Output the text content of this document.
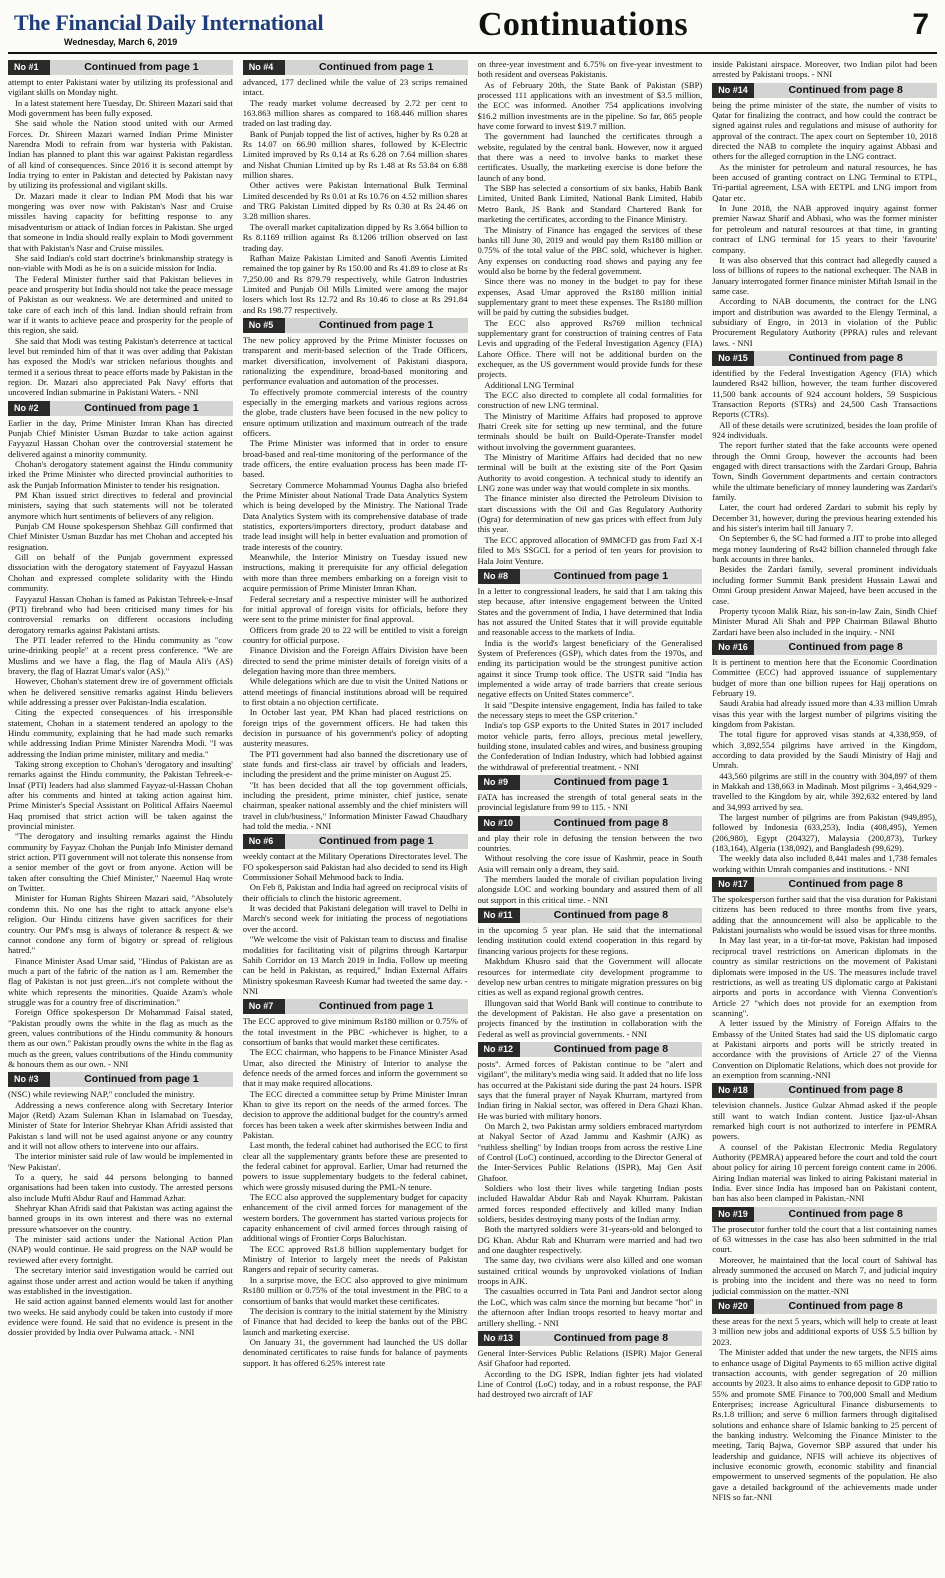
The Financial Daily International
Wednesday, March 6, 2019	Continuations	7
No #1	Continued from page 1

attempt to enter Pakistani water by utilizing its professional and vigilant skills on Monday night.

In a latest statement here Tuesday, Dr. Shireen Mazari said that Modi government has been fully exposed.

She said whole the Nation stood united with our Armed Forces. Dr. Shireen Mazari warned Indian Prime Minister Narendra Modi to refrain from war hysteria with Pakistan. Indian has planned to plant this war against Pakistan regardless of all kind of consequences. Since 2016 it is second attempt by India trying to enter in Pakistan and detected by Pakistan navy by utilizing its professional and vigilant skills.

Dr. Mazari made it clear to Indian PM Modi that his war mongering was over now with Pakistan's Nasr and Cruise missiles having capacity for befitting response to any misadventurism or attack of Indian forces in Pakistan. She urged that someone in India should really explain to Modi government that with Pakistan's Nasr and Cruise missiles.

She said Indian's cold start doctrine's brinkmanship strategy is non-viable with Modi as he is on a suicide mission for India.

The Federal Minister further said that Pakistan believes in peace and prosperity but India should not take the peace message of Pakistan as our weakness. We are determined and united to take care of each inch of this land. Indian should refrain from war if it wants to achieve peace and prosperity for the people of this region, she said.

She said that Modi was testing Pakistan's deterrence at tactical level but reminded him of that it was over adding that Pakistan has exposed the Modi's war stricken nefarious thoughts and termed it a serious threat to peace efforts made by Pakistan in the region. Dr. Mazari also appreciated Pak Navy' efforts that uncovered Indian submarine in Pakistani Waters. - NNI

No #2	Continued from page 1

Earlier in the day, Prime Minister Imran Khan has directed Punjab Chief Minister Usman Buzdar to take action against Fayyazul Hassan Chohan over the controversial statement he delivered against a minority community.

Chohan's derogatory statement against the Hindu community irked the Prime Minister who directed provincial authorities to ask the Punjab Information Minister to tender his resignation.

PM Khan issued strict directives to federal and provincial ministers, saying that such statements will not be tolerated anymore which hurt sentiments of believers of any religion.

Punjab CM House spokesperson Shehbaz Gill confirmed that Chief Minister Usman Buzdar has met Chohan and accepted his resignation.

Gill on behalf of the Punjab government expressed dissociation with the derogatory statement of Fayyazul Hassan Chohan and expressed complete solidarity with the Hindu community.

Fayyazul Hassan Chohan is famed as Pakistan Tehreek-e-Insaf (PTI) firebrand who had been criticised many times for his controversial remarks on different occasions including derogatory remarks against Pakistani artists.

The PTI leader referred to the Hindu community as "cow urine-drinking people" at a recent press conference. "We are Muslims and we have a flag, the flag of Maula Ali's (AS) bravery, the flag of Hazrat Umar's valor (AS)."

However, Chohan's statement drew ire of government officials when he delivered sensitive remarks against Hindu believers while addressing a presser over Pakistan-India escalation.

Citing the expected consequences of his irresponsible statement, Chohan in a statement tendered an apology to the Hindu community, explaining that he had made such remarks while addressing Indian Prime Minister Narendra Modi. "I was addressing the Indian prime minister, military and media."

Taking strong exception to Chohan's 'derogatory and insulting' remarks against the Hindu community, the Pakistan Tehreek-e-Insaf (PTI) leaders had also slammed Fayyaz-ul-Hassan Chohan after his comments and hinted at taking action against him. Prime Minister's Special Assistant on Political Affairs Naeemul Haq promised that strict action will be taken against the provincial minister.

"The derogatory and insulting remarks against the Hindu community by Fayyaz Chohan the Punjab Info Minister demand strict action. PTI government will not tolerate this nonsense from a senior member of the govt or from anyone. Action will be taken after consulting the Chief Minister," Naeemul Haq wrote on Twitter.

Minister for Human Rights Shireen Mazari said, "Absolutely condemn this. No one has the right to attack anyone else's religion. Our Hindu citizens have given sacrifices for their country. Our PM's msg is always of tolerance & respect & we cannot condone any form of bigotry or spread of religious hatred."

Finance Minister Asad Umar said, "Hindus of Pakistan are as much a part of the fabric of the nation as I am. Remember the flag of Pakistan is not just green...it's not complete without the white which represents the minorities. Quaide Azam's whole struggle was for a country free of discrimination."

Foreign Office spokesperson Dr Mohammad Faisal stated, "Pakistan proudly owns the white in the flag as much as the green, values contributions of the Hindu community & honours them as our own." Pakistan proudly owns the white in the flag as much as the green, values contributions of the Hindu community & honours them as our own. - NNI

No #3	Continued from page 1

(NSC) while reviewing NAP," concluded the ministry.

Addressing a news conference along with Secretary Interior Major (Retd) Azam Suleman Khan in Islamabad on Tuesday, Minister of State for Interior Shehryar Khan Afridi assisted that Pakistan s land will not be used against anyone or any country and it will not allow others to intervene into our affairs.

The interior minister said rule of law would be implemented in 'New Pakistan'.

To a query, he said 44 persons belonging to banned organisations had been taken into custody. The arrested persons also include Mufti Abdur Rauf and Hammad Azhar.

Shehryar Khan Afridi said that Pakistan was acting against the banned groups in its own interest and there was no external pressure whatsoever on the country.

The minister said actions under the National Action Plan (NAP) would continue. He said progress on the NAP would be reviewed after every fortnight.

The secretary interior said investigation would be carried out against those under arrest and action would be taken if anything was established in the investigation.

He said action against banned elements would last for another two weeks. He said anybody could be taken into custody if more evidence were found. He said that no evidence is present in the dossier provided by India over Pulwama attack. - NNI

No #4	Continued from page 1

advanced, 177 declined while the value of 23 scrips remained intact.

The ready market volume decreased by 2.72 per cent to 163.863 million shares as compared to 168.446 million shares traded on last trading day.

Bank of Punjab topped the list of actives, higher by Rs 0.28 at Rs 14.07 on 66.90 million shares, followed by K-Electric Limited improved by Rs 0.14 at Rs 6.28 on 7.64 million shares and Nishat Chunian Limited up by Rs 1.48 at Rs 53.84 on 6.88 million shares.

Other actives were Pakistan International Bulk Terminal Limited descended by Rs 0.01 at Rs 10.76 on 4.52 million shares and TRG Pakistan Limited dipped by Rs 0.30 at Rs 24.46 on 3.28 million shares.

The overall market capitalization dipped by Rs 3.664 billion to Rs 8.1169 trillion against Rs 8.1206 trillion observed on last trading day.

Rafhan Maize Pakistan Limited and Sanofi Aventis Limited remained the top gainer by Rs 150.00 and Rs 41.89 to close at Rs 7,250.00 and Rs 879.79 respectively, while Gatron Industries Limited and Punjab Oil Mills Limited were among the major losers which lost Rs 12.72 and Rs 10.46 to close at Rs 291.84 and Rs 198.77 respectively.

No #5	Continued from page 1

The new policy approved by the Prime Minister focusses on transparent and merit-based selection of the Trade Officers, market diversification, involvement of Pakistani diaspora, rationalizing the expenditure, broad-based monitoring and performance evaluation and automation of the processes.

To effectively promote commercial interests of the country especially in the emerging markets and various regions across the globe, trade clusters have been focused in the new policy to ensure optimum utilization and maximum outreach of the trade officers.

The Prime Minister was informed that in order to ensure broad-based and real-time monitoring of the performance of the trade officers, the entire evaluation process has been made IT-based.

Secretary Commerce Mohammad Younus Dagha also briefed the Prime Minister about National Trade Data Analytics System which is being developed by the Ministry. The National Trade Data Analytics System with its comprehensive database of trade statistics, exporters/importers directory, product database and trade lead insight will help in better evaluation and promotion of trade interests of the country.

Meanwhile, the Interior Ministry on Tuesday issued new instructions, making it prerequisite for any official delegation with more than three members embarking on a foreign visit to acquire permission of Prime Minister Imran Khan.

Federal secretary and a respective minister will be authorized for initial approval of foreign visits for officials, before they were sent to the prime minister for final approval.

Officers from grade 20 to 22 will be entitled to visit a foreign country for official purpose.

Finance Division and the Foreign Affairs Division have been directed to send the prime minister details of foreign visits of a delegation having more than three members.

While delegations which are due to visit the United Nations or attend meetings of financial institutions abroad will be required to first obtain a no objection certificate.

In October last year, PM Khan had placed restrictions on foreign trips of the government officers. He had taken this decision in pursuance of his government's policy of adopting austerity measures.

The PTI government had also banned the discretionary use of state funds and first-class air travel by officials and leaders, including the president and the prime minister on August 25.

"It has been decided that all the top government officials, including the president, prime minister, chief justice, senate chairman, speaker national assembly and the chief ministers will travel in club/business," Information Minister Fawad Chaudhary had told the media. - NNI

No #6	Continued from page 1

weekly contact at the Military Operations Directorates level. The FO spokesperson said Pakistan had also decided to send its High Commissioner Sohail Mehmood back to India.

On Feb 8, Pakistan and India had agreed on reciprocal visits of their officials to clinch the historic agreement.

It was decided that Pakistani delegation will travel to Delhi in March's second week for initiating the process of negotiations over the accord.

"We welcome the visit of Pakistan team to discuss and finalise modalities for facilitating visit of pilgrims through Kartarpur Sahib Corridor on 13 March 2019 in India. Follow up meeting can be held in Pakistan, as required," Indian External Affairs Ministry spokesman Raveesh Kumar had tweeted the same day. - NNI

No #7	Continued from page 1

The ECC approved to give minimum Rs180 million or 0.75% of the total investment in the PBC -whichever is higher, to a consortium of banks that would market these certificates.

The ECC chairman, who happens to be Finance Minister Asad Umar, also directed the Ministry of Interior to analyse the defence needs of the armed forces and inform the government so that it may make required allocations.

The ECC directed a committee setup by Prime Minister Imran Khan to give its report on the needs of the armed forces. The decision to approve the additional budget for the country's armed forces has been taken a week after skirmishes between India and Pakistan.

Last month, the federal cabinet had authorised the ECC to first clear all the supplementary grants before these are presented to the federal cabinet for approval. Earlier, Umar had returned the powers to issue supplementary budgets to the federal cabinet, which were grossly misused during the PML-N tenure.

The ECC also approved the supplementary budget for capacity enhancement of the civil armed forces for management of the western borders. The government has started various projects for capacity enhancement of civil armed forces through raising of additional wings of Frontier Corps Baluchistan.

The ECC approved Rs1.8 billion supplementary budget for Ministry of Interior to largely meet the needs of Pakistan Rangers and repair of security cameras.

In a surprise move, the ECC also approved to give minimum Rs180 million or 0.75% of the total investment in the PBC to a consortium of banks that would market these certificates.

The decision is contrary to the initial statement by the Ministry of Finance that had decided to keep the banks out of the PBC launch and marketing exercise.

On January 31, the government had launched the US dollar denominated certificates to raise funds for balance of payments support. It has offered 6.25% interest rate

on three-year investment and 6.75% on five-year investment to both resident and overseas Pakistanis.

As of February 20th, the State Bank of Pakistan (SBP) processed 111 applications with an investment of $3.5 million, the ECC was informed. Another 754 applications involving $16.2 million investments are in the pipeline. So far, 865 people have come forward to invest $19.7 million.

The government had launched the certificates through a website, regulated by the central bank. However, now it argued that there was a need to involve banks to market these certificates. Usually, the marketing exercise is done before the launch of any bond.

The SBP has selected a consortium of six banks, Habib Bank Limited, United Bank Limited, National Bank Limited, Habib Metro Bank, JS Bank and Standard Chartered Bank for marketing the certificates, according to the Finance Ministry.

The Ministry of Finance has engaged the services of these banks till June 30, 2019 and would pay them Rs180 million or 0.75% of the total value of the PBC sold, whichever is higher. Any expenses on conducting road shows and paying any fee would also be borne by the federal government.

Since there was no money in the budget to pay for these expenses, Asad Umar approved the Rs180 million initial supplementary grant to meet these expenses. The Rs180 million will be paid by cutting the subsidies budget.

The ECC also approved Rs769 million technical supplementary grant for construction of training centres of Fata Levis and upgrading of the Federal Investigation Agency (FIA) Lahore Office. There will not be additional burden on the exchequer, as the US government would provide funds for these projects.

Additional LNG Terminal

The ECC also directed to complete all codal formalities for construction of new LNG terminal.

The Ministry of Maritime Affairs had proposed to approve Jhatri Creek site for setting up new terminal, and the future terminals should be built on Build-Operate-Transfer model without involving the government guarantees.

The Ministry of Maritime Affairs had decided that no new terminal will be built at the existing site of the Port Qasim Authority to avoid congestion. A technical study to identify an LNG zone was under way that would complete in six months.

The finance minister also directed the Petroleum Division to start discussions with the Oil and Gas Regulatory Authority (Ogra) for determination of new gas prices with effect from July this year.

The ECC approved allocation of 9MMCFD gas from Fazl X-I filed to M/s SSGCL for a period of ten years for provision to Hala Joint Venture.

No #8	Continued from page 1

In a letter to congressional leaders, he said that I am taking this step because, after intensive engagement between the United States and the government of India, I have determined that India has not assured the United States that it will provide equitable and reasonable access to the markets of India.

India is the world's largest beneficiary of the Generalised System of Preferences (GSP), which dates from the 1970s, and ending its participation would be the strongest punitive action against it since Trump took office. The USTR said "India has implemented a wide array of trade barriers that create serious negative effects on United States commerce".

It said "Despite intensive engagement, India has failed to take the necessary steps to meet the GSP criterion."

India's top GSP exports to the United States in 2017 included motor vehicle parts, ferro alloys, precious metal jewellery, building stone, insulated cables and wires, and business grouping the Confederation of Indian Industry, which had lobbied against the withdrawal of preferential treatment. - NNI

No #9	Continued from page 1

FATA has increased the strength of total general seats in the provincial legislature from 99 to 115. - NNI

No #10	Continued from page 8

and play their role in defusing the tension between the two countries.

Without resolving the core issue of Kashmir, peace in South Asia will remain only a dream, they said.

The members lauded the morale of civilian population living alongside LOC and working boundary and assured them of all out support in this critical time. - NNI

No #11	Continued from page 8

in the upcoming 5 year plan. He said that the international lending institution could extend cooperation in this regard by financing various projects for these regions.

Makhdum Khusro said that the Government will allocate resources for intermediate city development programme to develop new urban centres to mitigate migration pressures on big cities as well as expand regional growth centres.

Illungovan said that World Bank will continue to contribute to the development of Pakistan. He also gave a presentation on projects financed by the institution in collaboration with the Federal as well as provincial governments. - NNI

No #12	Continued from page 8

posts". Armed forces of Pakistan continue to be "alert and vigilant", the military's media wing said. It added that no life loss has occurred at the Pakistani side during the past 24 hours. ISPR says that the funeral prayer of Nayak Khurram, martyred from Indian firing in Nakial sector, was offered in Dera Ghazi Khan. He was buried with military honors.

On March 2, two Pakistan army soldiers embraced martyrdom at Nakyal Sector of Azad Jammu and Kashmir (AJK) as "ruthless shelling" by Indian troops from across the restive Line of Control (LoC) continued, according to the Director General of the Inter-Services Public Relations (ISPR), Maj Gen Asif Ghafoor.

Soldiers who lost their lives while targeting Indian posts included Hawaldar Abdur Rab and Nayak Khurram. Pakistan armed forces responded effectively and killed many Indian soldiers, besides destroying many posts of the Indian army.

Both the martyred soldiers were 31-years-old and belonged to DG Khan. Abdur Rab and Khurram were married and had two and one daughter respectively.

The same day, two civilians were also killed and one woman sustained critical wounds by unprovoked violations of Indian troops in AJK.

The casualties occurred in Tata Pani and Jandrot sector along the LoC, which was calm since the morning but became "hot" in the afternoon after Indian troops resorted to heavy mortar and artillery shelling. - NNI

No #13	Continued from page 8

General Inter-Services Public Relations (ISPR) Major General Asif Ghafoor had reported.

According to the DG ISPR, Indian fighter jets had violated Line of Control (LoC) today, and in a robust response, the PAF had destroyed two aircraft of IAF

inside Pakistani airspace. Moreover, two Indian pilot had been arrested by Pakistani troops. - NNI

No #14	Continued from page 8

being the prime minister of the state, the number of visits to Qatar for finalizing the contract, and how could the contract be signed against rules and regulations and misuse of authority for approval of the contract. The apex court on September 10, 2018 directed the NAB to complete the inquiry against Abbasi and others for the alleged corruption in the LNG contract.

As the minister for petroleum and natural resources, he has been accused of granting contract on LNG Terminal to ETPL, Tri-partial agreement, LSA with EETPL and LNG import from Qatar etc.

In June 2018, the NAB approved inquiry against former premier Nawaz Sharif and Abbasi, who was the former minister for petroleum and natural resources at that time, in granting contract of LNG terminal for 15 years to their 'favourite' company.

It was also observed that this contract had allegedly caused a loss of billions of rupees to the national exchequer. The NAB in January interrogated former finance minister Miftah Ismail in the same case.

According to NAB documents, the contract for the LNG import and distribution was awarded to the Elengy Terminal, a subsidiary of Engro, in 2013 in violation of the Public Procurement Regulatory Authority (PPRA) rules and relevant laws. - NNI

No #15	Continued from page 8

identified by the Federal Investigation Agency (FIA) which laundered Rs42 billion, however, the team further discovered 11,500 bank accounts of 924 account holders, 59 Suspicious Transaction Reports (STRs) and 24,500 Cash Transactions Reports (CTRs).

All of these details were scrutinized, besides the loan profile of 924 individuals.

The report further stated that the fake accounts were opened through the Omni Group, however the accounts had been engaged with direct transactions with the Zardari Group, Bahria Town, Sindh Government departments and certain contractors while the ultimate beneficiary of money laundering was Zardari's family.

Later, the court had ordered Zardari to submit his reply by December 31, however, during the previous hearing extended his and his sister's interim bail till January 7.

On September 6, the SC had formed a JIT to probe into alleged mega money laundering of Rs42 billion channeled through fake bank accounts in three banks.

Besides the Zardari family, several prominent individuals including former Summit Bank president Hussain Lawai and Omni Group president Anwar Majeed, have been accused in the case.

Property tycoon Malik Riaz, his son-in-law Zain, Sindh Chief Minister Murad Ali Shah and PPP Chairman Bilawal Bhutto Zardari have been also included in the inquiry. - NNI

No #16	Continued from page 8

It is pertinent to mention here that the Economic Coordination Committee (ECC) had approved issuance of supplementary budget of more than one billion rupees for Hajj operations on February 19.

Saudi Arabia had already issued more than 4.33 million Umrah visas this year with the largest number of pilgrims visiting the kingdom from Pakistan.

The total figure for approved visas stands at 4,338,959, of which 3,892,554 pilgrims have arrived in the Kingdom, according to data provided by the Saudi Ministry of Hajj and Umrah.

443,560 pilgrims are still in the country with 304,897 of them in Makkah and 138,663 in Madinah. Most pilgrims - 3,464,929 - travelled to the Kingdom by air, while 392,632 entered by land and 34,993 arrived by sea.

The largest number of pilgrims are from Pakistan (949,895), followed by Indonesia (633,253), India (408,495), Yemen (206,980), Egypt (204327), Malaysia (200,873), Turkey (183,164), Algeria (138,092), and Bangladesh (99,629).

The weekly data also included 8,441 males and 1,738 females working within Umrah companies and institutions. - NNI

No #17	Continued from page 8

The spokesperson further said that the visa duration for Pakistani citizens has been reduced to three months from five years, adding that the announcement will also be applicable to the Pakistani journalists who would be issued visas for three months.

In May last year, in a tit-for-tat move, Pakistan had imposed reciprocal travel restrictions on American diplomats in the country as similar restrictions on the movement of Pakistani diplomats were imposed in the US. The measures include travel restrictions, as well as treating US diplomatic cargo at Pakistani airports and ports in accordance with Vienna Convention's Article 27 "which does not provide for an exemption from scanning".

A letter issued by the Ministry of Foreign Affairs to the Embassy of the United States had said the US diplomatic cargo at Pakistani airports and ports will be strictly treated in accordance with the provisions of Article 27 of the Vienna Convention on Diplomatic Relations, which does not provide for an exemption from scanning.-NNI

No #18	Continued from page 8

television channels. Justice Gulzar Ahmad asked if the people still want to watch Indian content. Justice Ijaz-ul-Ahsan remarked high court is not authorized to interfere in PEMRA powers.

A counsel of the Pakistan Electronic Media Regulatory Authority (PEMRA) appeared before the court and told the court about policy for airing 10 percent foreign content came in 2006. Airing Indian material was linked to airing Pakistani material in India. Ever since India has imposed ban on Pakistani content, ban has also been clamped in Pakistan.-NNI

No #19	Continued from page 8

The prosecutor further told the court that a list containing names of 63 witnesses in the case has also been submitted in the trial court.

Moreover, he maintained that the local court of Sahiwal has already summoned the accused on March 7, and judicial inquiry is probing into the incident and there was no need to form judicial commission on the matter.-NNI

No #20	Continued from page 8

these areas for the next 5 years, which will help to create at least 3 million new jobs and additional exports of US$ 5.5 billion by 2023.

The Minister added that under the new targets, the NFIS aims to enhance usage of Digital Payments to 65 million active digital transaction accounts, with gender segregation of 20 million accounts by 2023. It also aims to enhance deposit to GDP ratio to 55% and promote SME Finance to 700,000 Small and Medium Enterprises; increase Agricultural Finance disbursements to Rs.1.8 trillion; and serve 6 million farmers through digitalised solutions and enhance share of Islamic banking to 25 percent of the banking industry. Welcoming the Finance Minister to the meeting, Tariq Bajwa, Governor SBP assured that under his leadership and guidance, NFIS will achieve its objectives of inclusive economic growth, economic stability and financial empowerment to unserved segments of the population. He also gave a detailed background of the achievements made under NFIS so far.-NNI
